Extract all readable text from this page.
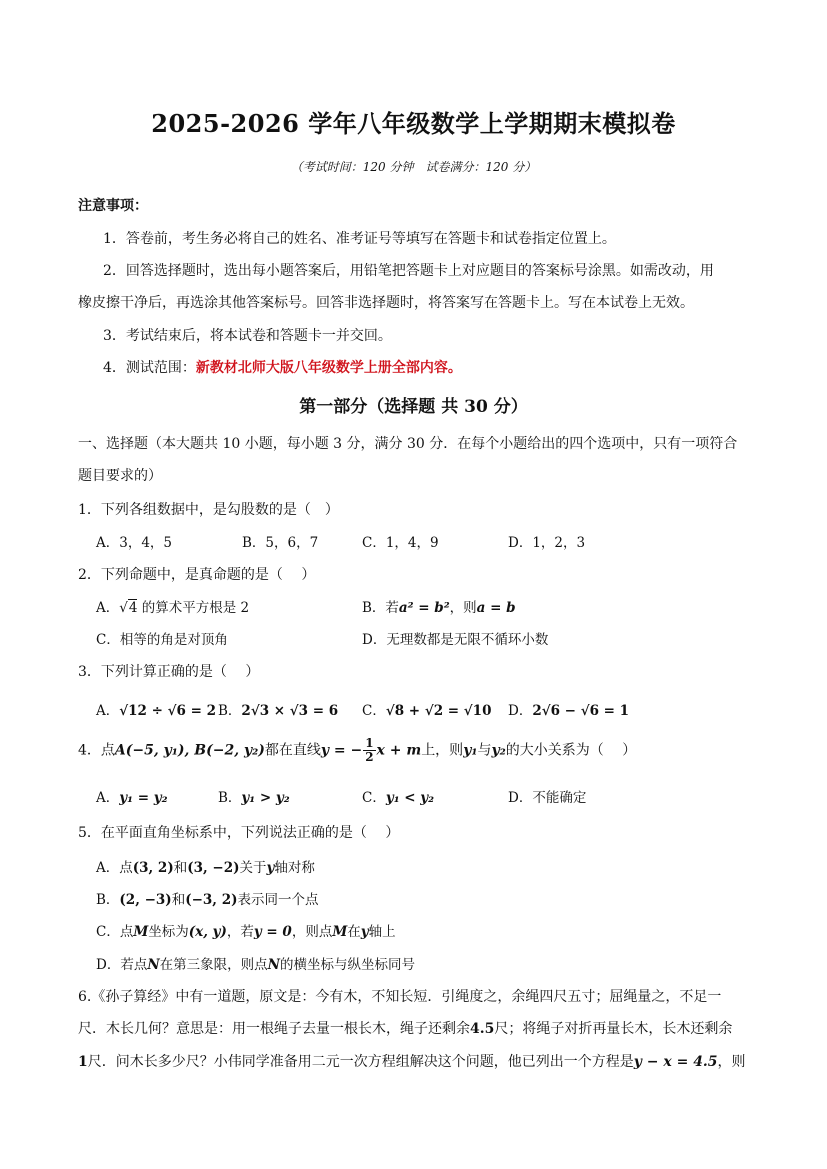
2025-2026 学年八年级数学上学期期末模拟卷
（考试时间：120 分钟　试卷满分：120 分）
注意事项：
1．答卷前，考生务必将自己的姓名、准考证号等填写在答题卡和试卷指定位置上。
2．回答选择题时，选出每小题答案后，用铅笔把答题卡上对应题目的答案标号涂黑。如需改动，用
橡皮擦干净后，再选涂其他答案标号。回答非选择题时，将答案写在答题卡上。写在本试卷上无效。
3．考试结束后，将本试卷和答题卡一并交回。
4．测试范围：新教材北师大版八年级数学上册全部内容。
第一部分（选择题 共 30 分）
一、选择题（本大题共 10 小题，每小题 3 分，满分 30 分．在每个小题给出的四个选项中，只有一项符合
题目要求的）
1．下列各组数据中，是勾股数的是（　）
A．3，4，5	B．5，6，7	C．1，4，9	D．1，2，3
2．下列命题中，是真命题的是（　 ）
A．√4 的算术平方根是 2	B．若a² = b²，则a = b
C．相等的角是对顶角	D．无理数都是无限不循环小数
3．下列计算正确的是（　 ）
A．√12 ÷ √6 = 2 B．2√3 × √3 = 6 C．√8 + √2 = √10 D．2√6 − √6 = 1
4．点A(−5, y₁), B(−2, y₂)都在直线y = − $\frac{1}{2}$ x + m上，则y₁与y₂的大小关系为（　 ）
A．y₁ = y₂	B．y₁ > y₂	C．y₁ < y₂	D．不能确定
5．在平面直角坐标系中，下列说法正确的是（　 ）
A．点(3, 2)和(3, −2)关于y轴对称
B．(2, −3)和(−3, 2)表示同一个点
C．点M坐标为(x, y)，若y = 0，则点M在y轴上
D．若点N在第三象限，则点N的横坐标与纵坐标同号
6.《孙子算经》中有一道题，原文是：今有木，不知长短．引绳度之，余绳四尺五寸；屈绳量之，不足一
尺．木长几何？意思是：用一根绳子去量一根长木，绳子还剩余4.5尺；将绳子对折再量长木，长木还剩余
1尺．问木长多少尺？小伟同学准备用二元一次方程组解决这个问题，他已列出一个方程是y − x = 4.5，则
